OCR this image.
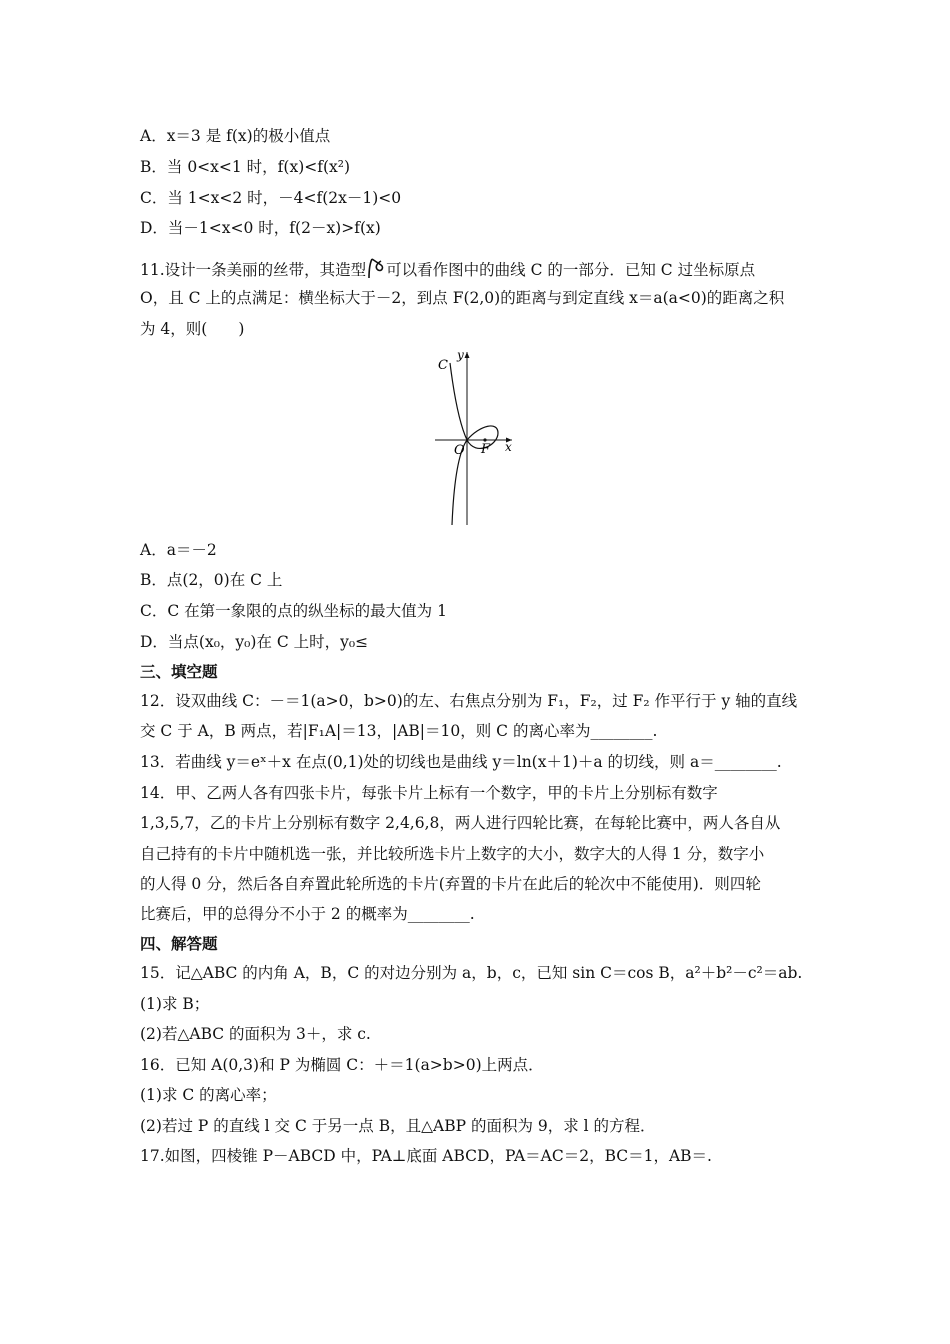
A．x＝3 是 f(x)的极小值点
B．当 0<x<1 时，f(x)<f(x²)
C．当 1<x<2 时，－4<f(2x－1)<0
D．当－1<x<0 时，f(2－x)>f(x)
11.设计一条美丽的丝带，其造型 可以看作图中的曲线 C 的一部分．已知 C 过坐标原点
O，且 C 上的点满足：横坐标大于－2，到点 F(2,0)的距离与到定直线 x＝a(a<0)的距离之积
为 4，则(　　)
C
y
x
O F
A．a＝－2
B．点(2，0)在 C 上
C．C 在第一象限的点的纵坐标的最大值为 1
D．当点(x₀，y₀)在 C 上时，y₀≤
三、填空题
12．设双曲线 C：－＝1(a>0，b>0)的左、右焦点分别为 F₁，F₂，过 F₂ 作平行于 y 轴的直线
交 C 于 A，B 两点，若|F₁A|＝13，|AB|＝10，则 C 的离心率为________.
13．若曲线 y＝eˣ＋x 在点(0,1)处的切线也是曲线 y＝ln(x＋1)＋a 的切线，则 a＝________.
14．甲、乙两人各有四张卡片，每张卡片上标有一个数字，甲的卡片上分别标有数字
1,3,5,7，乙的卡片上分别标有数字 2,4,6,8，两人进行四轮比赛，在每轮比赛中，两人各自从
自己持有的卡片中随机选一张，并比较所选卡片上数字的大小，数字大的人得 1 分，数字小
的人得 0 分，然后各自弃置此轮所选的卡片(弃置的卡片在此后的轮次中不能使用)．则四轮
比赛后，甲的总得分不小于 2 的概率为________.
四、解答题
15．记△ABC 的内角 A，B，C 的对边分别为 a，b，c，已知 sin C＝cos B，a²＋b²－c²＝ab.
(1)求 B；
(2)若△ABC 的面积为 3＋，求 c.
16．已知 A(0,3)和 P 为椭圆 C：＋＝1(a>b>0)上两点．
(1)求 C 的离心率；
(2)若过 P 的直线 l 交 C 于另一点 B，且△ABP 的面积为 9，求 l 的方程．
17.如图，四棱锥 P－ABCD 中，PA⊥底面 ABCD，PA＝AC＝2，BC＝1，AB＝.
